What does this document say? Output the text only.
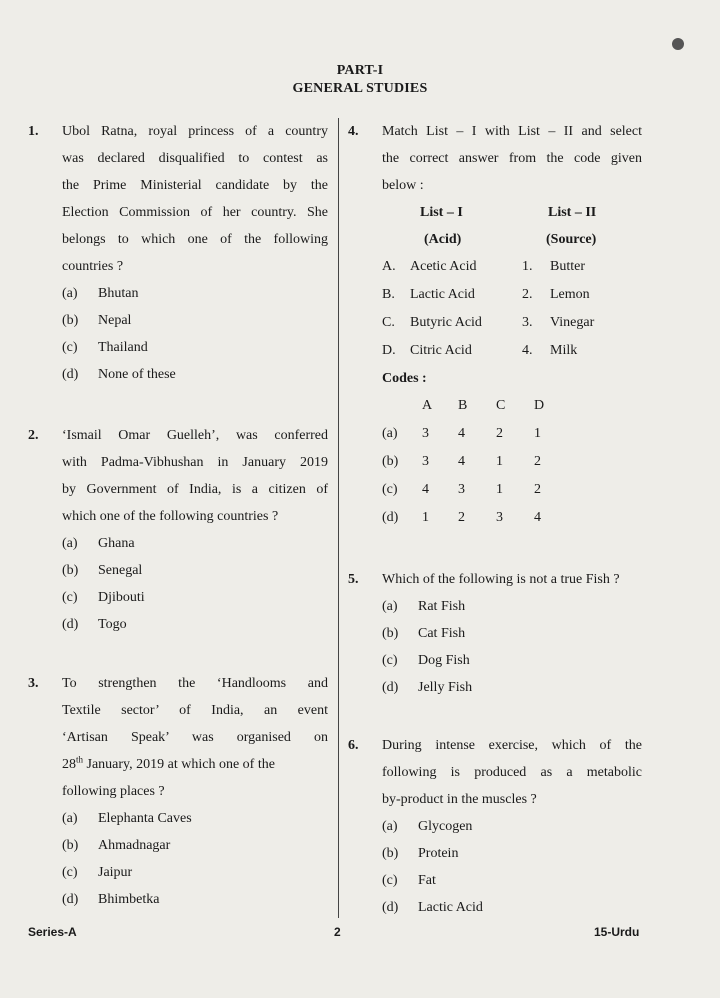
PART-I
GENERAL STUDIES
1. Ubol Ratna, royal princess of a country
was declared disqualified to contest as
the Prime Ministerial candidate by the
Election Commission of her country. She
belongs to which one of the following
countries ?
(a) Bhutan
(b) Nepal
(c) Thailand
(d) None of these
2. ‘Ismail Omar Guelleh’, was conferred
with Padma-Vibhushan in January 2019
by Government of India, is a citizen of
which one of the following countries ?
(a) Ghana
(b) Senegal
(c) Djibouti
(d) Togo
3. To strengthen the ‘Handlooms and
Textile sector’ of India, an event
‘Artisan Speak’ was organised on
28th January, 2019 at which one of the
following places ?
(a) Elephanta Caves
(b) Ahmadnagar
(c) Jaipur
(d) Bhimbetka
4. Match List – I with List – II and select
the correct answer from the code given
below :
List – I	List – II
(Acid)	(Source)
A. Acetic Acid	1. Butter
B. Lactic Acid	2. Lemon
C. Butyric Acid	3. Vinegar
D. Citric Acid	4. Milk
Codes :
A B C D
(a) 3 4 2 1
(b) 3 4 1 2
(c) 4 3 1 2
(d) 1 2 3 4
5. Which of the following is not a true Fish ?
(a) Rat Fish
(b) Cat Fish
(c) Dog Fish
(d) Jelly Fish
6. During intense exercise, which of the
following is produced as a metabolic
by-product in the muscles ?
(a) Glycogen
(b) Protein
(c) Fat
(d) Lactic Acid
Series-A	2	15-Urdu
